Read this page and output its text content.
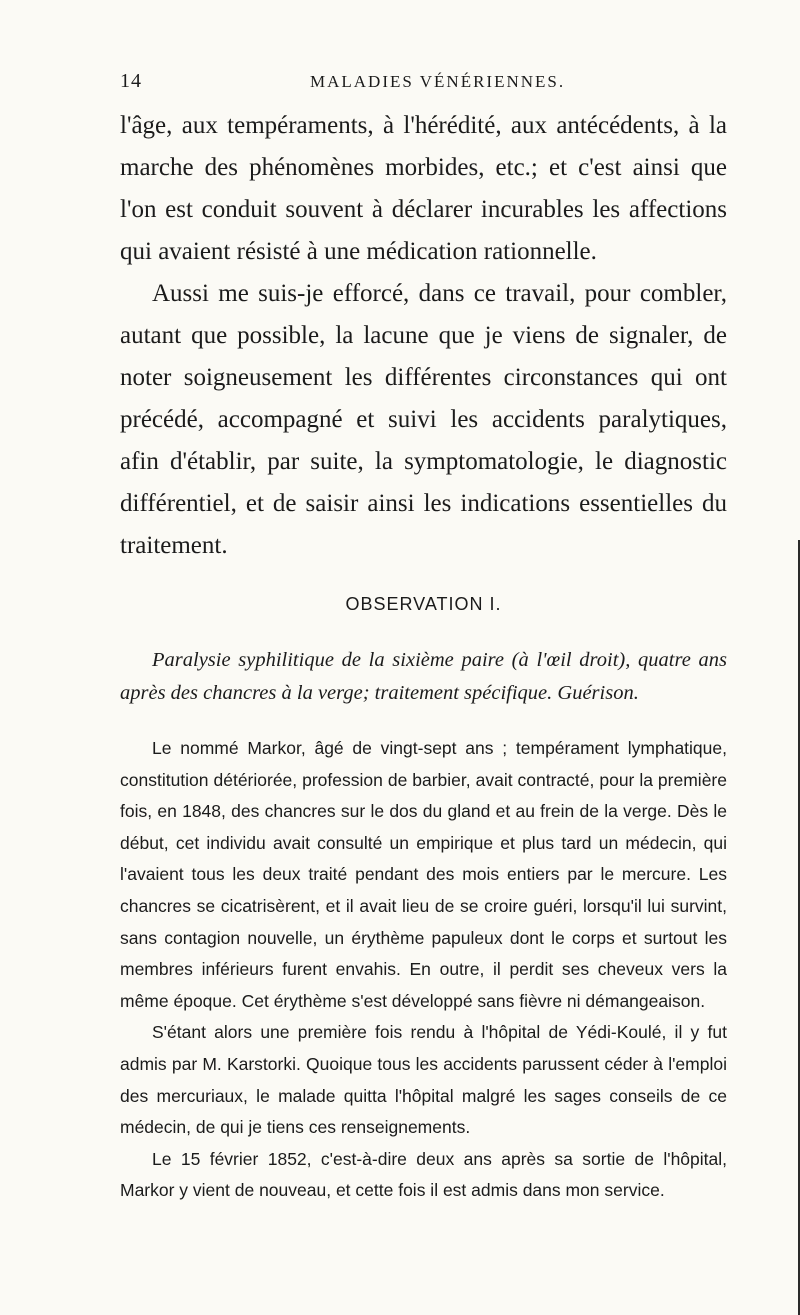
14	MALADIES VÉNÉRIENNES.

l'âge, aux tempéraments, à l'hérédité, aux antécédents, à la marche des phénomènes morbides, etc.; et c'est ainsi que l'on est conduit souvent à déclarer incurables les affections qui avaient résisté à une médication rationnelle.

Aussi me suis-je efforcé, dans ce travail, pour combler, autant que possible, la lacune que je viens de signaler, de noter soigneusement les différentes circonstances qui ont précédé, accompagné et suivi les accidents paralytiques, afin d'établir, par suite, la symptomatologie, le diagnostic différentiel, et de saisir ainsi les indications essentielles du traitement.

OBSERVATION I.

Paralysie syphilitique de la sixième paire (à l'œil droit), quatre ans après des chancres à la verge; traitement spécifique. Guérison.

Le nommé Markor, âgé de vingt-sept ans ; tempérament lymphatique, constitution détériorée, profession de barbier, avait contracté, pour la première fois, en 1848, des chancres sur le dos du gland et au frein de la verge. Dès le début, cet individu avait consulté un empirique et plus tard un médecin, qui l'avaient tous les deux traité pendant des mois entiers par le mercure. Les chancres se cicatrisèrent, et il avait lieu de se croire guéri, lorsqu'il lui survint, sans contagion nouvelle, un érythème papuleux dont le corps et surtout les membres inférieurs furent envahis. En outre, il perdit ses cheveux vers la même époque. Cet érythème s'est développé sans fièvre ni démangeaison.

S'étant alors une première fois rendu à l'hôpital de Yédi-Koulé, il y fut admis par M. Karstorki. Quoique tous les accidents parussent céder à l'emploi des mercuriaux, le malade quitta l'hôpital malgré les sages conseils de ce médecin, de qui je tiens ces renseignements.

Le 15 février 1852, c'est-à-dire deux ans après sa sortie de l'hôpital, Markor y vient de nouveau, et cette fois il est admis dans mon service.
